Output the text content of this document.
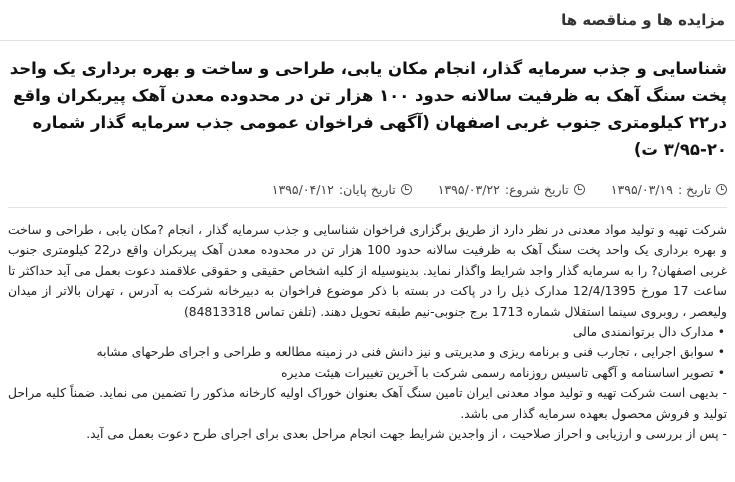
مزایده ها و مناقصه ها
شناسایی و جذب سرمایه گذار، انجام مکان یابی، طراحی و ساخت و بهره برداری یک واحد پخت سنگ آهک به ظرفیت سالانه حدود ۱۰۰ هزار تن در محدوده معدن آهک پیربکران واقع در۲۲ کیلومتری جنوب غربی اصفهان (آگهی فراخوان عمومی جذب سرمایه گذار شماره ۲۰-۳/۹۵ ت)
تاریخ :
۱۳۹۵/۰۳/۱۹
تاریخ شروع:
۱۳۹۵/۰۳/۲۲
تاریخ پایان:
۱۳۹۵/۰۴/۱۲

شرکت تهیه و تولید مواد معدنی در نظر دارد از طریق برگزاری فراخوان شناسایی و جذب سرمایه گذار ، انجام ?مکان یابی ، طراحی و ساخت و بهره برداری یک واحد پخت سنگ آهک به ظرفیت سالانه حدود 100 هزار تن در محدوده معدن آهک پیربکران واقع در22 کیلومتری جنوب غربی اصفهان? را به سرمایه گذار واجد شرایط واگذار نماید. بدینوسیله از کلیه اشخاص حقیقی و حقوقی علاقمند دعوت بعمل می آید حداکثر تا ساعت 17 مورخ 12/4/1395 مدارک ذیل را در پاکت در بسته با ذکر موضوع فراخوان به دبیرخانه شرکت به آدرس ، تهران بالاتر از میدان ولیعصر ، روبروی سینما استقلال شماره 1713 برج جنوبی-نیم طبقه تحویل دهند. (تلفن تماس 84813318)

• مدارک دال برتوانمندی مالی
• سوابق اجرایی ، تجارب فنی و برنامه ریزی و مدیریتی و نیز دانش فنی در زمینه مطالعه و طراحی و اجرای طرحهای مشابه
• تصویر اساسنامه و آگهی تاسیس روزنامه رسمی شرکت با آخرین تغییرات هیئت مدیره

- بدیهی است شرکت تهیه و تولید مواد معدنی ایران تامین سنگ آهک بعنوان خوراک اولیه کارخانه مذکور را تضمین می نماید. ضمناً کلیه مراحل تولید و فروش محصول بعهده سرمایه گذار می باشد.

- پس از بررسی و ارزیابی و احراز صلاحیت ، از واجدین شرایط جهت انجام مراحل بعدی برای اجرای طرح دعوت بعمل می آید.
